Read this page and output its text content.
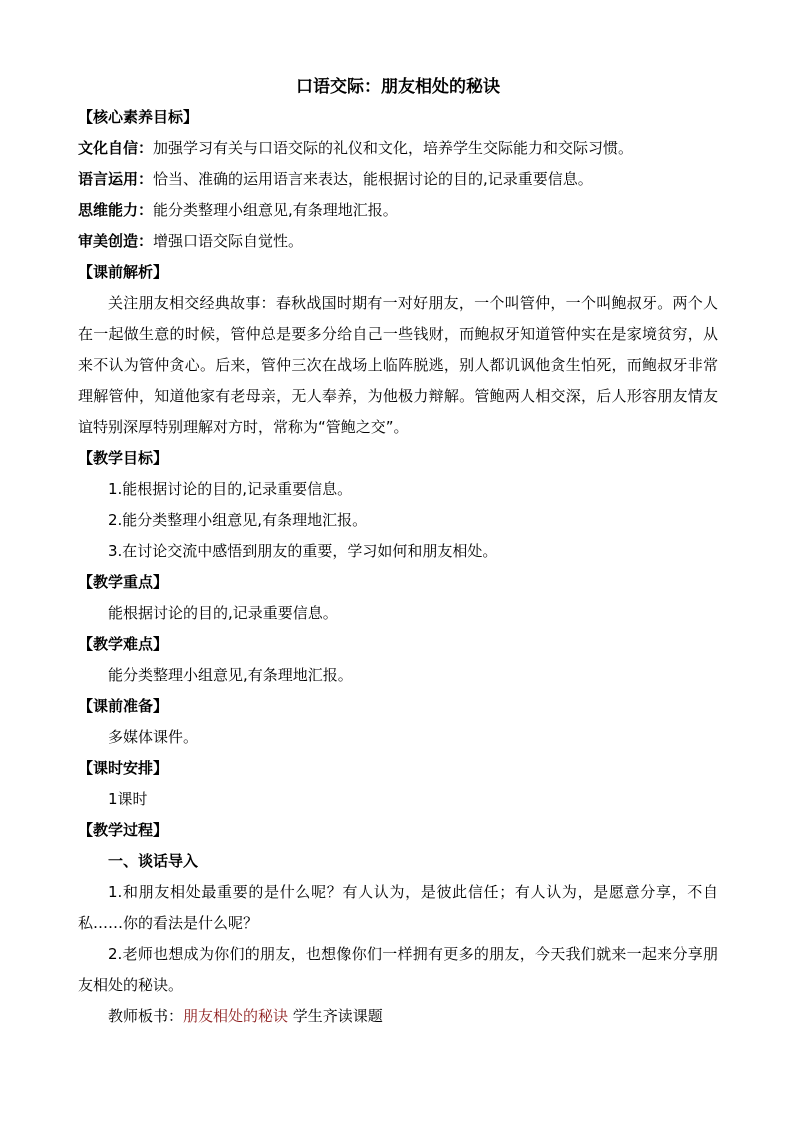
口语交际：朋友相处的秘诀

【核心素养目标】

文化自信：加强学习有关与口语交际的礼仪和文化，培养学生交际能力和交际习惯。

语言运用：恰当、准确的运用语言来表达，能根据讨论的目的,记录重要信息。

思维能力：能分类整理小组意见,有条理地汇报。

审美创造：增强口语交际自觉性。

【课前解析】

关注朋友相交经典故事：春秋战国时期有一对好朋友，一个叫管仲，一个叫鲍叔牙。两个人在一起做生意的时候，管仲总是要多分给自己一些钱财，而鲍叔牙知道管仲实在是家境贫穷，从来不认为管仲贪心。后来，管仲三次在战场上临阵脱逃，别人都讥讽他贪生怕死，而鲍叔牙非常理解管仲，知道他家有老母亲，无人奉养，为他极力辩解。管鲍两人相交深，后人形容朋友情友谊特别深厚特别理解对方时，常称为“管鲍之交”。

【教学目标】

1.能根据讨论的目的,记录重要信息。

2.能分类整理小组意见,有条理地汇报。

3.在讨论交流中感悟到朋友的重要，学习如何和朋友相处。

【教学重点】

能根据讨论的目的,记录重要信息。

【教学难点】

能分类整理小组意见,有条理地汇报。

【课前准备】

多媒体课件。

【课时安排】

1课时

【教学过程】

一、谈话导入

1.和朋友相处最重要的是什么呢？有人认为，是彼此信任；有人认为，是愿意分享，不自私……你的看法是什么呢？

2.老师也想成为你们的朋友，也想像你们一样拥有更多的朋友，今天我们就来一起来分享朋友相处的秘诀。

教师板书：朋友相处的秘诀 学生齐读课题
